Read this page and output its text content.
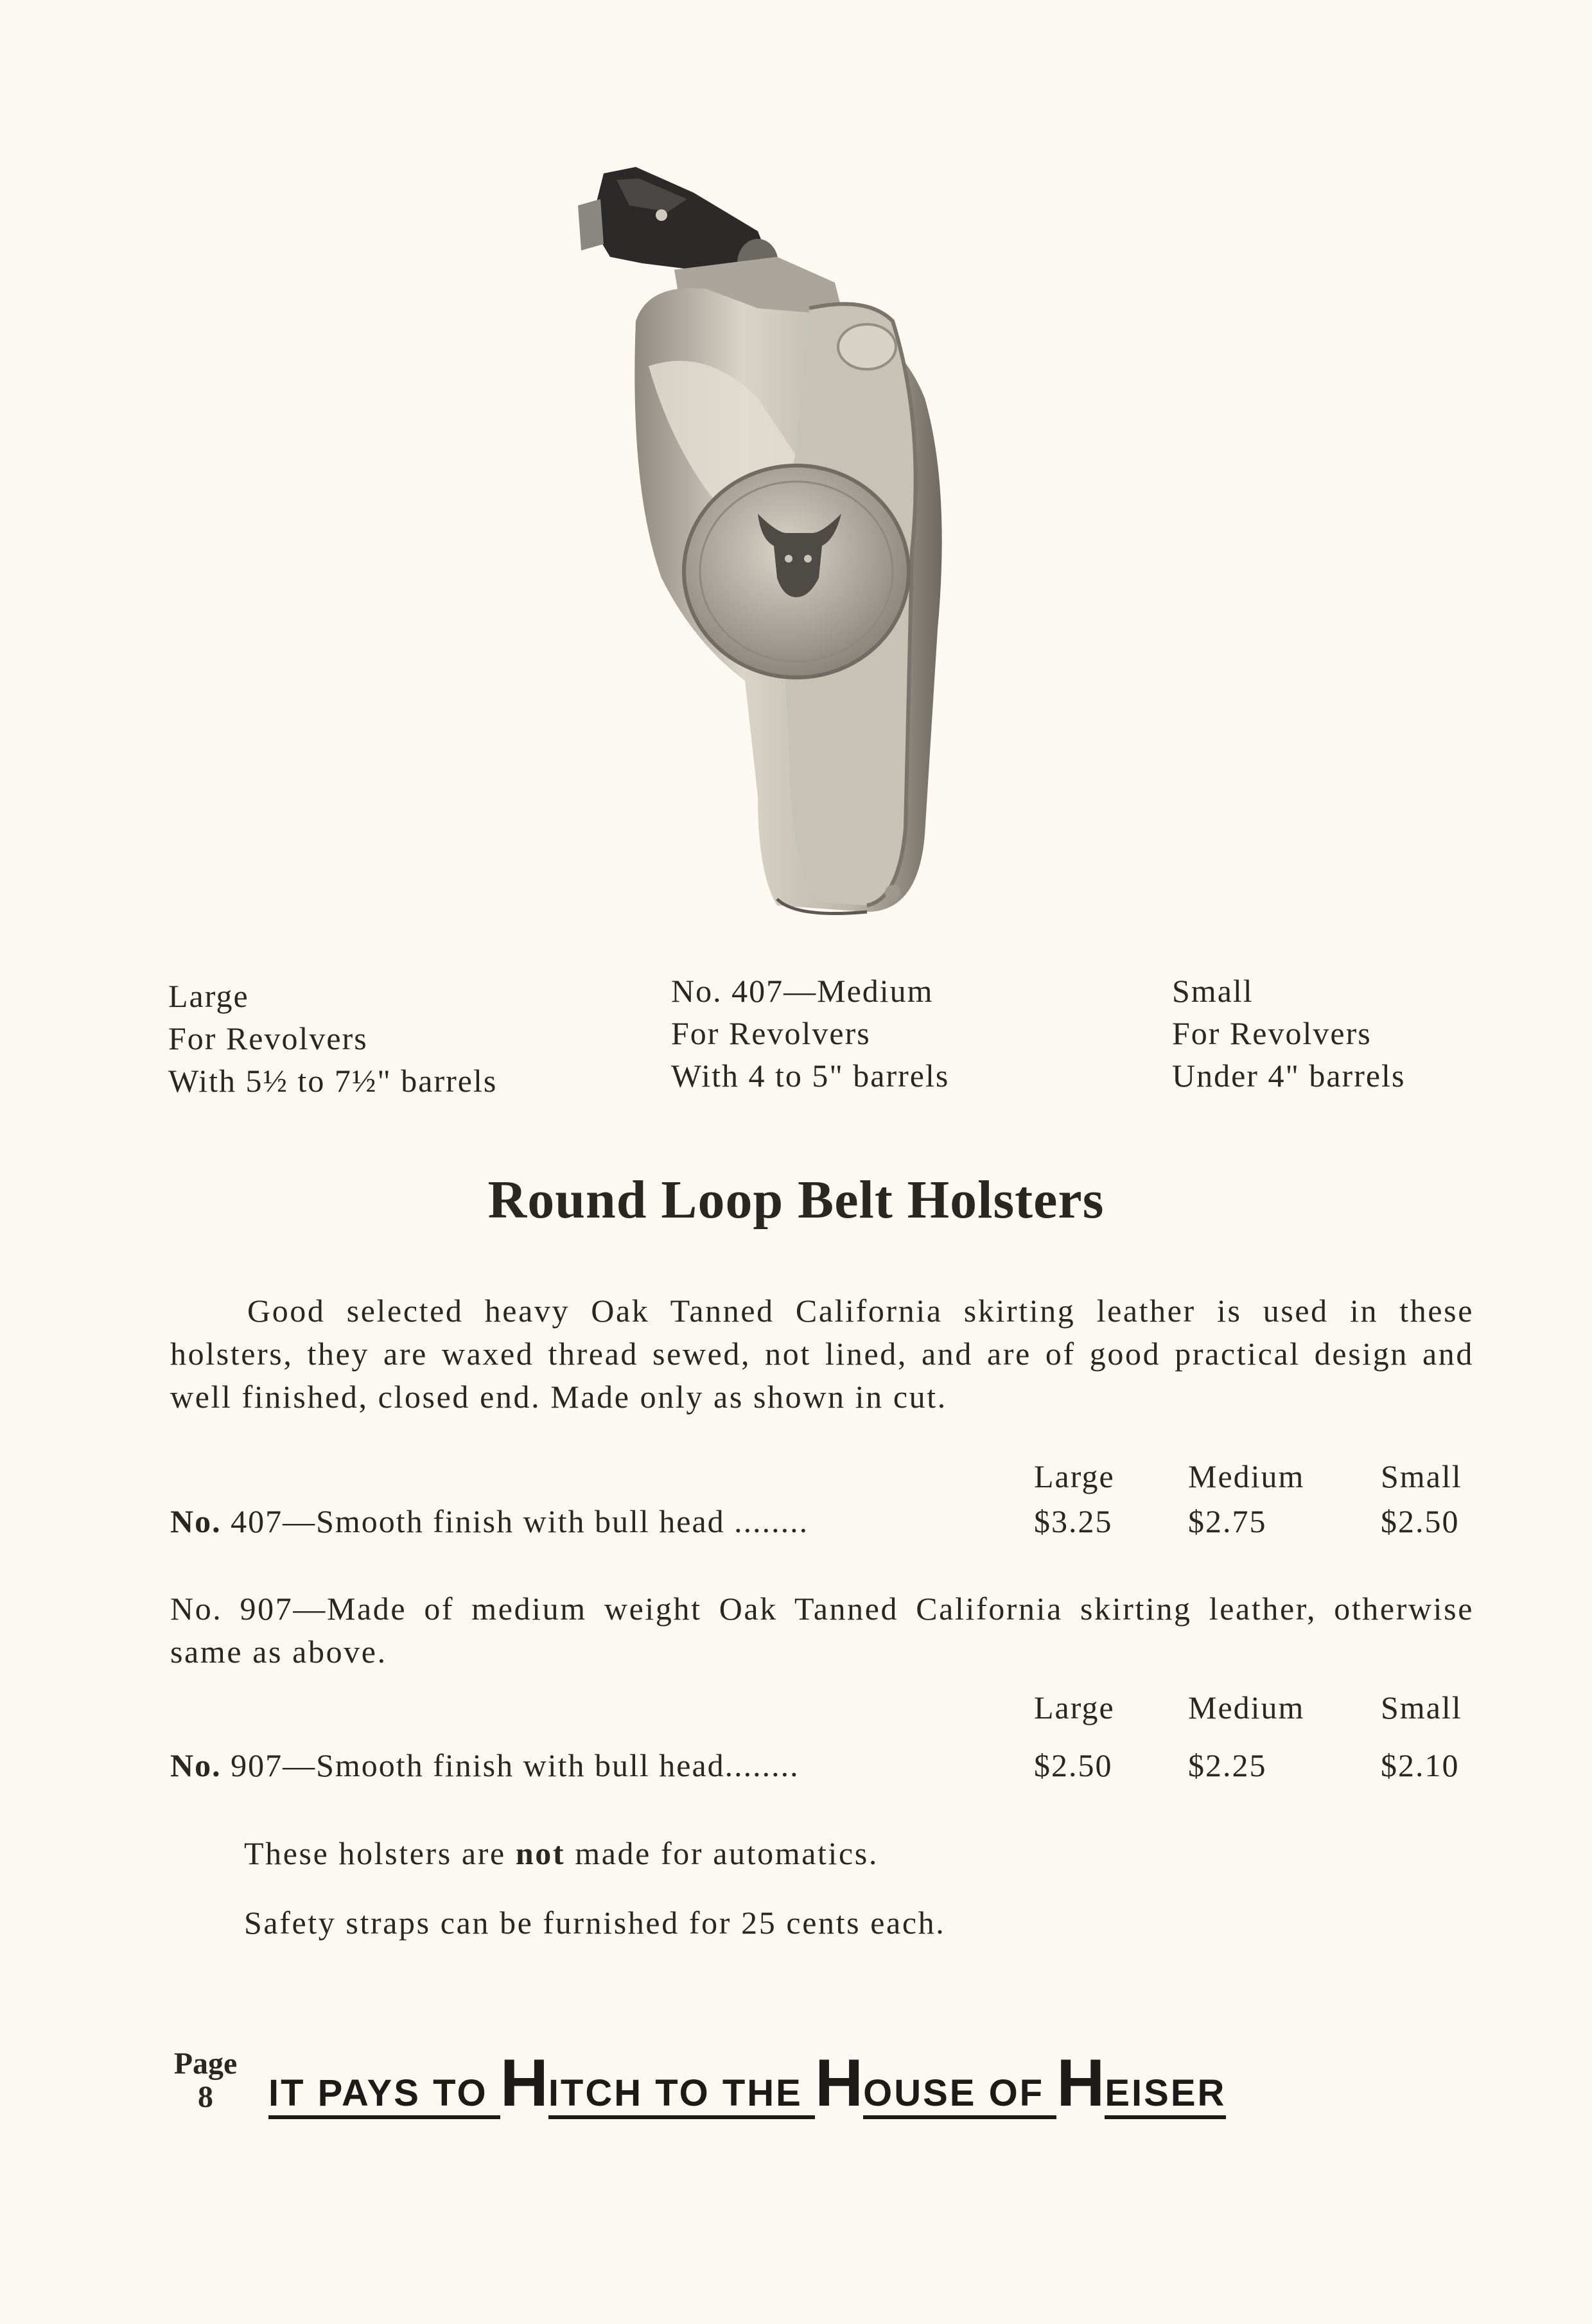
Large
For Revolvers
With 5½ to 7½" barrels
No. 407—Medium
For Revolvers
With 4 to 5" barrels
Small
For Revolvers
Under 4" barrels
Round Loop Belt Holsters
Good selected heavy Oak Tanned California skirting leather is used in these holsters, they are waxed thread sewed, not lined, and are of good practical design and well finished, closed end. Made only as shown in cut.
Large Medium Small
No. 407—Smooth finish with bull head ........	$3.25 $2.75	$2.50
No. 907—Made of medium weight Oak Tanned California skirting leather, otherwise same as above.
Large Medium Small
No. 907—Smooth finish with bull head........	$2.50 $2.25	$2.10
These holsters are not made for automatics.
Safety straps can be furnished for 25 cents each.
Page
8	IT PAYS TO HITCH TO THE HOUSE OF HEISER
